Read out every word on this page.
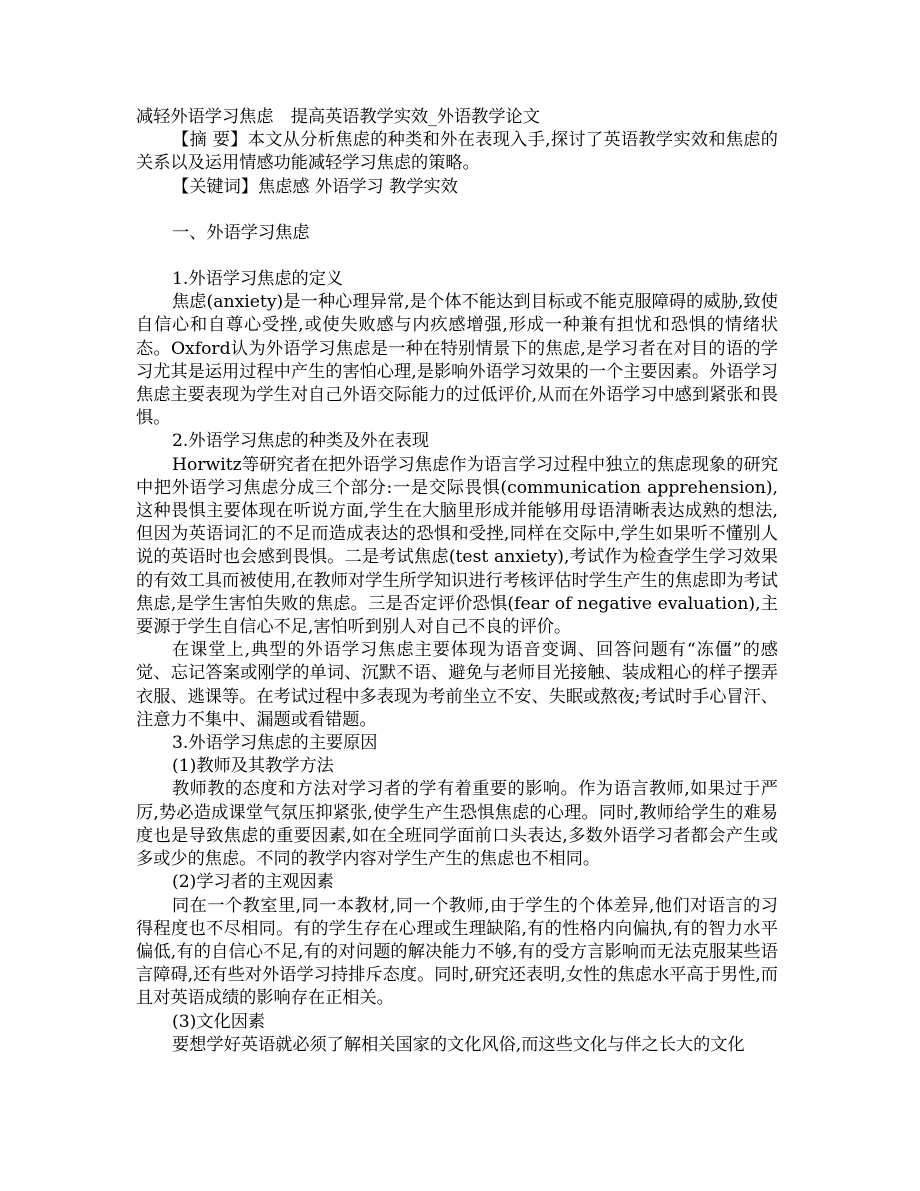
减轻外语学习焦虑　提高英语教学实效_外语教学论文

【摘 要】本文从分析焦虑的种类和外在表现入手,探讨了英语教学实效和焦虑的关系以及运用情感功能减轻学习焦虑的策略。

【关键词】焦虑感 外语学习 教学实效
一、外语学习焦虑
1.外语学习焦虑的定义

焦虑(anxiety)是一种心理异常,是个体不能达到目标或不能克服障碍的威胁,致使自信心和自尊心受挫,或使失败感与内疚感增强,形成一种兼有担忧和恐惧的情绪状态。Oxford认为外语学习焦虑是一种在特别情景下的焦虑,是学习者在对目的语的学习尤其是运用过程中产生的害怕心理,是影响外语学习效果的一个主要因素。外语学习焦虑主要表现为学生对自己外语交际能力的过低评价,从而在外语学习中感到紧张和畏惧。

2.外语学习焦虑的种类及外在表现

Horwitz等研究者在把外语学习焦虑作为语言学习过程中独立的焦虑现象的研究中把外语学习焦虑分成三个部分:一是交际畏惧(communication apprehension),这种畏惧主要体现在听说方面,学生在大脑里形成并能够用母语清晰表达成熟的想法,但因为英语词汇的不足而造成表达的恐惧和受挫,同样在交际中,学生如果听不懂别人说的英语时也会感到畏惧。二是考试焦虑(test anxiety),考试作为检查学生学习效果的有效工具而被使用,在教师对学生所学知识进行考核评估时学生产生的焦虑即为考试焦虑,是学生害怕失败的焦虑。三是否定评价恐惧(fear of negative evaluation),主要源于学生自信心不足,害怕听到别人对自己不良的评价。

在课堂上,典型的外语学习焦虑主要体现为语音变调、回答问题有“冻僵”的感觉、忘记答案或刚学的单词、沉默不语、避免与老师目光接触、装成粗心的样子摆弄衣服、逃课等。在考试过程中多表现为考前坐立不安、失眠或熬夜;考试时手心冒汗、注意力不集中、漏题或看错题。

3.外语学习焦虑的主要原因
(1)教师及其教学方法

教师教的态度和方法对学习者的学有着重要的影响。作为语言教师,如果过于严厉,势必造成课堂气氛压抑紧张,使学生产生恐惧焦虑的心理。同时,教师给学生的难易度也是导致焦虑的重要因素,如在全班同学面前口头表达,多数外语学习者都会产生或多或少的焦虑。不同的教学内容对学生产生的焦虑也不相同。

(2)学习者的主观因素

同在一个教室里,同一本教材,同一个教师,由于学生的个体差异,他们对语言的习得程度也不尽相同。有的学生存在心理或生理缺陷,有的性格内向偏执,有的智力水平偏低,有的自信心不足,有的对问题的解决能力不够,有的受方言影响而无法克服某些语言障碍,还有些对外语学习持排斥态度。同时,研究还表明,女性的焦虑水平高于男性,而且对英语成绩的影响存在正相关。

(3)文化因素

要想学好英语就必须了解相关国家的文化风俗,而这些文化与伴之长大的文化
